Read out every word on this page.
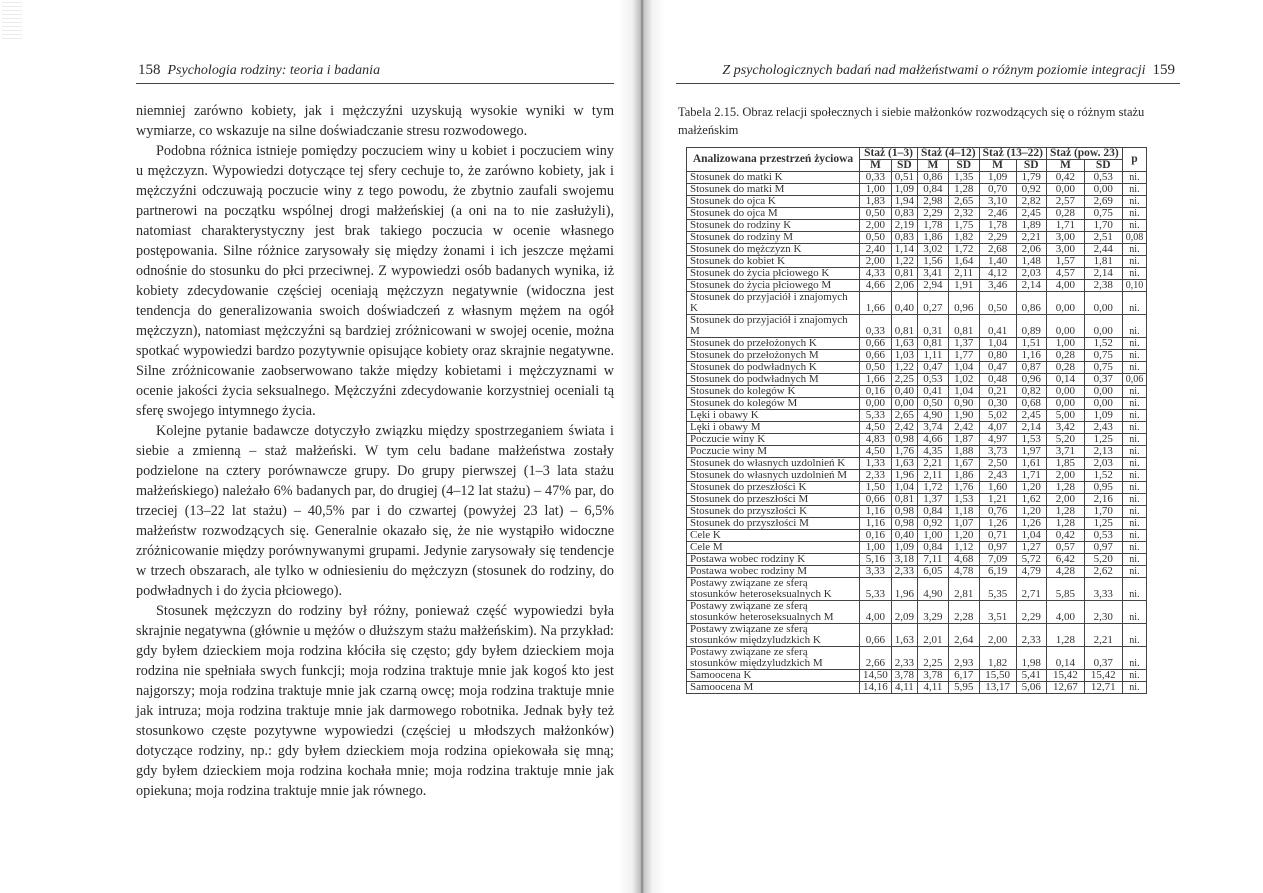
158 Psychologia rodziny: teoria i badania	Z psychologicznych badań nad małżeństwami o różnym poziomie integracji 159

niemniej zarówno kobiety, jak i mężczyźni uzyskują wysokie wyniki w tym wymiarze, co wskazuje na silne doświadczanie stresu rozwodowego.

Podobna różnica istnieje pomiędzy poczuciem winy u kobiet i poczuciem winy u mężczyzn. Wypowiedzi dotyczące tej sfery cechuje to, że zarówno kobiety, jak i mężczyźni odczuwają poczucie winy z tego powodu, że zbytnio zaufali swojemu partnerowi na początku wspólnej drogi małżeńskiej (a oni na to nie zasłużyli), natomiast charakterystyczny jest brak takiego poczucia w ocenie własnego postępowania. Silne różnice zarysowały się między żonami i ich jeszcze mężami odnośnie do stosunku do płci przeciwnej. Z wypowiedzi osób badanych wynika, iż kobiety zdecydowanie częściej oceniają mężczyzn negatywnie (widoczna jest tendencja do generalizowania swoich doświadczeń z własnym mężem na ogół mężczyzn), natomiast mężczyźni są bardziej zróżnicowani w swojej ocenie, można spotkać wypowiedzi bardzo pozytywnie opisujące kobiety oraz skrajnie negatywne. Silne zróżnicowanie zaobserwowano także między kobietami i mężczyznami w ocenie jakości życia seksualnego. Mężczyźni zdecydowanie korzystniej oceniali tą sferę swojego intymnego życia.

Kolejne pytanie badawcze dotyczyło związku między spostrzeganiem świata i siebie a zmienną – staż małżeński. W tym celu badane małżeństwa zostały podzielone na cztery porównawcze grupy. Do grupy pierwszej (1–3 lata stażu małżeńskiego) należało 6% badanych par, do drugiej (4–12 lat stażu) – 47% par, do trzeciej (13–22 lat stażu) – 40,5% par i do czwartej (powyżej 23 lat) – 6,5% małżeństw rozwodzących się. Generalnie okazało się, że nie wystąpiło widoczne zróżnicowanie między porównywanymi grupami. Jedynie zarysowały się tendencje w trzech obszarach, ale tylko w odniesieniu do mężczyzn (stosunek do rodziny, do podwładnych i do życia płciowego).

Stosunek mężczyzn do rodziny był różny, ponieważ część wypowiedzi była skrajnie negatywna (głównie u mężów o dłuższym stażu małżeńskim). Na przykład: gdy byłem dzieckiem moja rodzina kłóciła się często; gdy byłem dzieckiem moja rodzina nie spełniała swych funkcji; moja rodzina traktuje mnie jak kogoś kto jest najgorszy; moja rodzina traktuje mnie jak czarną owcę; moja rodzina traktuje mnie jak intruza; moja rodzina traktuje mnie jak darmowego robotnika. Jednak były też stosunkowo częste pozytywne wypowiedzi (częściej u młodszych małżonków) dotyczące rodziny, np.: gdy byłem dzieckiem moja rodzina opiekowała się mną; gdy byłem dzieckiem moja rodzina kochała mnie; moja rodzina traktuje mnie jak opiekuna; moja rodzina traktuje mnie jak równego.

Tabela 2.15. Obraz relacji społecznych i siebie małżonków rozwodzących się o różnym stażu małżeńskim
Analizowana przestrzeń życiowa	Staż (1–3)		Staż (4–12)		Staż (13–22)		Staż (pow. 23)		p
	M	SD	M	SD	M	SD	M	SD	
Stosunek do matki K	0,33	0,51	0,86	1,35	1,09	1,79	0,42	0,53	ni.
Stosunek do matki M	1,00	1,09	0,84	1,28	0,70	0,92	0,00	0,00	ni.
Stosunek do ojca K	1,83	1,94	2,98	2,65	3,10	2,82	2,57	2,69	ni.
Stosunek do ojca M	0,50	0,83	2,29	2,32	2,46	2,45	0,28	0,75	ni.
Stosunek do rodziny K	2,00	2,19	1,78	1,75	1,78	1,89	1,71	1,70	ni.
Stosunek do rodziny M	0,50	0,83	1,86	1,82	2,29	2,21	3,00	2,51	0,08
Stosunek do mężczyzn K	2,40	1,14	3,02	1,72	2,68	2,06	3,00	2,44	ni.
Stosunek do kobiet K	2,00	1,22	1,56	1,64	1,40	1,48	1,57	1,81	ni.
Stosunek do życia płciowego K	4,33	0,81	3,41	2,11	4,12	2,03	4,57	2,14	ni.
Stosunek do życia płciowego M	4,66	2,06	2,94	1,91	3,46	2,14	4,00	2,38	0,10
Stosunek do przyjaciół i znajomych K	1,66	0,40	0,27	0,96	0,50	0,86	0,00	0,00	ni.
Stosunek do przyjaciół i znajomych M	0,33	0,81	0,31	0,81	0,41	0,89	0,00	0,00	ni.
Stosunek do przełożonych K	0,66	1,63	0,81	1,37	1,04	1,51	1,00	1,52	ni.
Stosunek do przełożonych M	0,66	1,03	1,11	1,77	0,80	1,16	0,28	0,75	ni.
Stosunek do podwładnych K	0,50	1,22	0,47	1,04	0,47	0,87	0,28	0,75	ni.
Stosunek do podwładnych M	1,66	2,25	0,53	1,02	0,48	0,96	0,14	0,37	0,06
Stosunek do kolegów K	0,16	0,40	0,41	1,04	0,21	0,82	0,00	0,00	ni.
Stosunek do kolegów M	0,00	0,00	0,50	0,90	0,30	0,68	0,00	0,00	ni.
Lęki i obawy K	5,33	2,65	4,90	1,90	5,02	2,45	5,00	1,09	ni.
Lęki i obawy M	4,50	2,42	3,74	2,42	4,07	2,14	3,42	2,43	ni.
Poczucie winy K	4,83	0,98	4,66	1,87	4,97	1,53	5,20	1,25	ni.
Poczucie winy M	4,50	1,76	4,35	1,88	3,73	1,97	3,71	2,13	ni.
Stosunek do własnych uzdolnień K	1,33	1,63	2,21	1,67	2,50	1,61	1,85	2,03	ni.
Stosunek do własnych uzdolnień M	2,33	1,96	2,11	1,86	2,43	1,71	2,00	1,52	ni.
Stosunek do przeszłości K	1,50	1,04	1,72	1,76	1,60	1,20	1,28	0,95	ni.
Stosunek do przeszłości M	0,66	0,81	1,37	1,53	1,21	1,62	2,00	2,16	ni.
Stosunek do przyszłości K	1,16	0,98	0,84	1,18	0,76	1,20	1,28	1,70	ni.
Stosunek do przyszłości M	1,16	0,98	0,92	1,07	1,26	1,26	1,28	1,25	ni.
Cele K	0,16	0,40	1,00	1,20	0,71	1,04	0,42	0,53	ni.
Cele M	1,00	1,09	0,84	1,12	0,97	1,27	0,57	0,97	ni.
Postawa wobec rodziny K	5,16	3,18	7,11	4,68	7,09	5,72	6,42	5,20	ni.
Postawa wobec rodziny M	3,33	2,33	6,05	4,78	6,19	4,79	4,28	2,62	ni.
Postawy związane ze sferą stosunków heteroseksualnych K	5,33	1,96	4,90	2,81	5,35	2,71	5,85	3,33	ni.
Postawy związane ze sferą stosunków heteroseksualnych M	4,00	2,09	3,29	2,28	3,51	2,29	4,00	2,30	ni.
Postawy związane ze sferą stosunków międzyludzkich K	0,66	1,63	2,01	2,64	2,00	2,33	1,28	2,21	ni.
Postawy związane ze sferą stosunków międzyludzkich M	2,66	2,33	2,25	2,93	1,82	1,98	0,14	0,37	ni.
Samoocena K	14,50	3,78	3,78	6,17	15,50	5,41	15,42	15,42	ni.
Samoocena M	14,16	4,11	4,11	5,95	13,17	5,06	12,67	12,71	ni.
